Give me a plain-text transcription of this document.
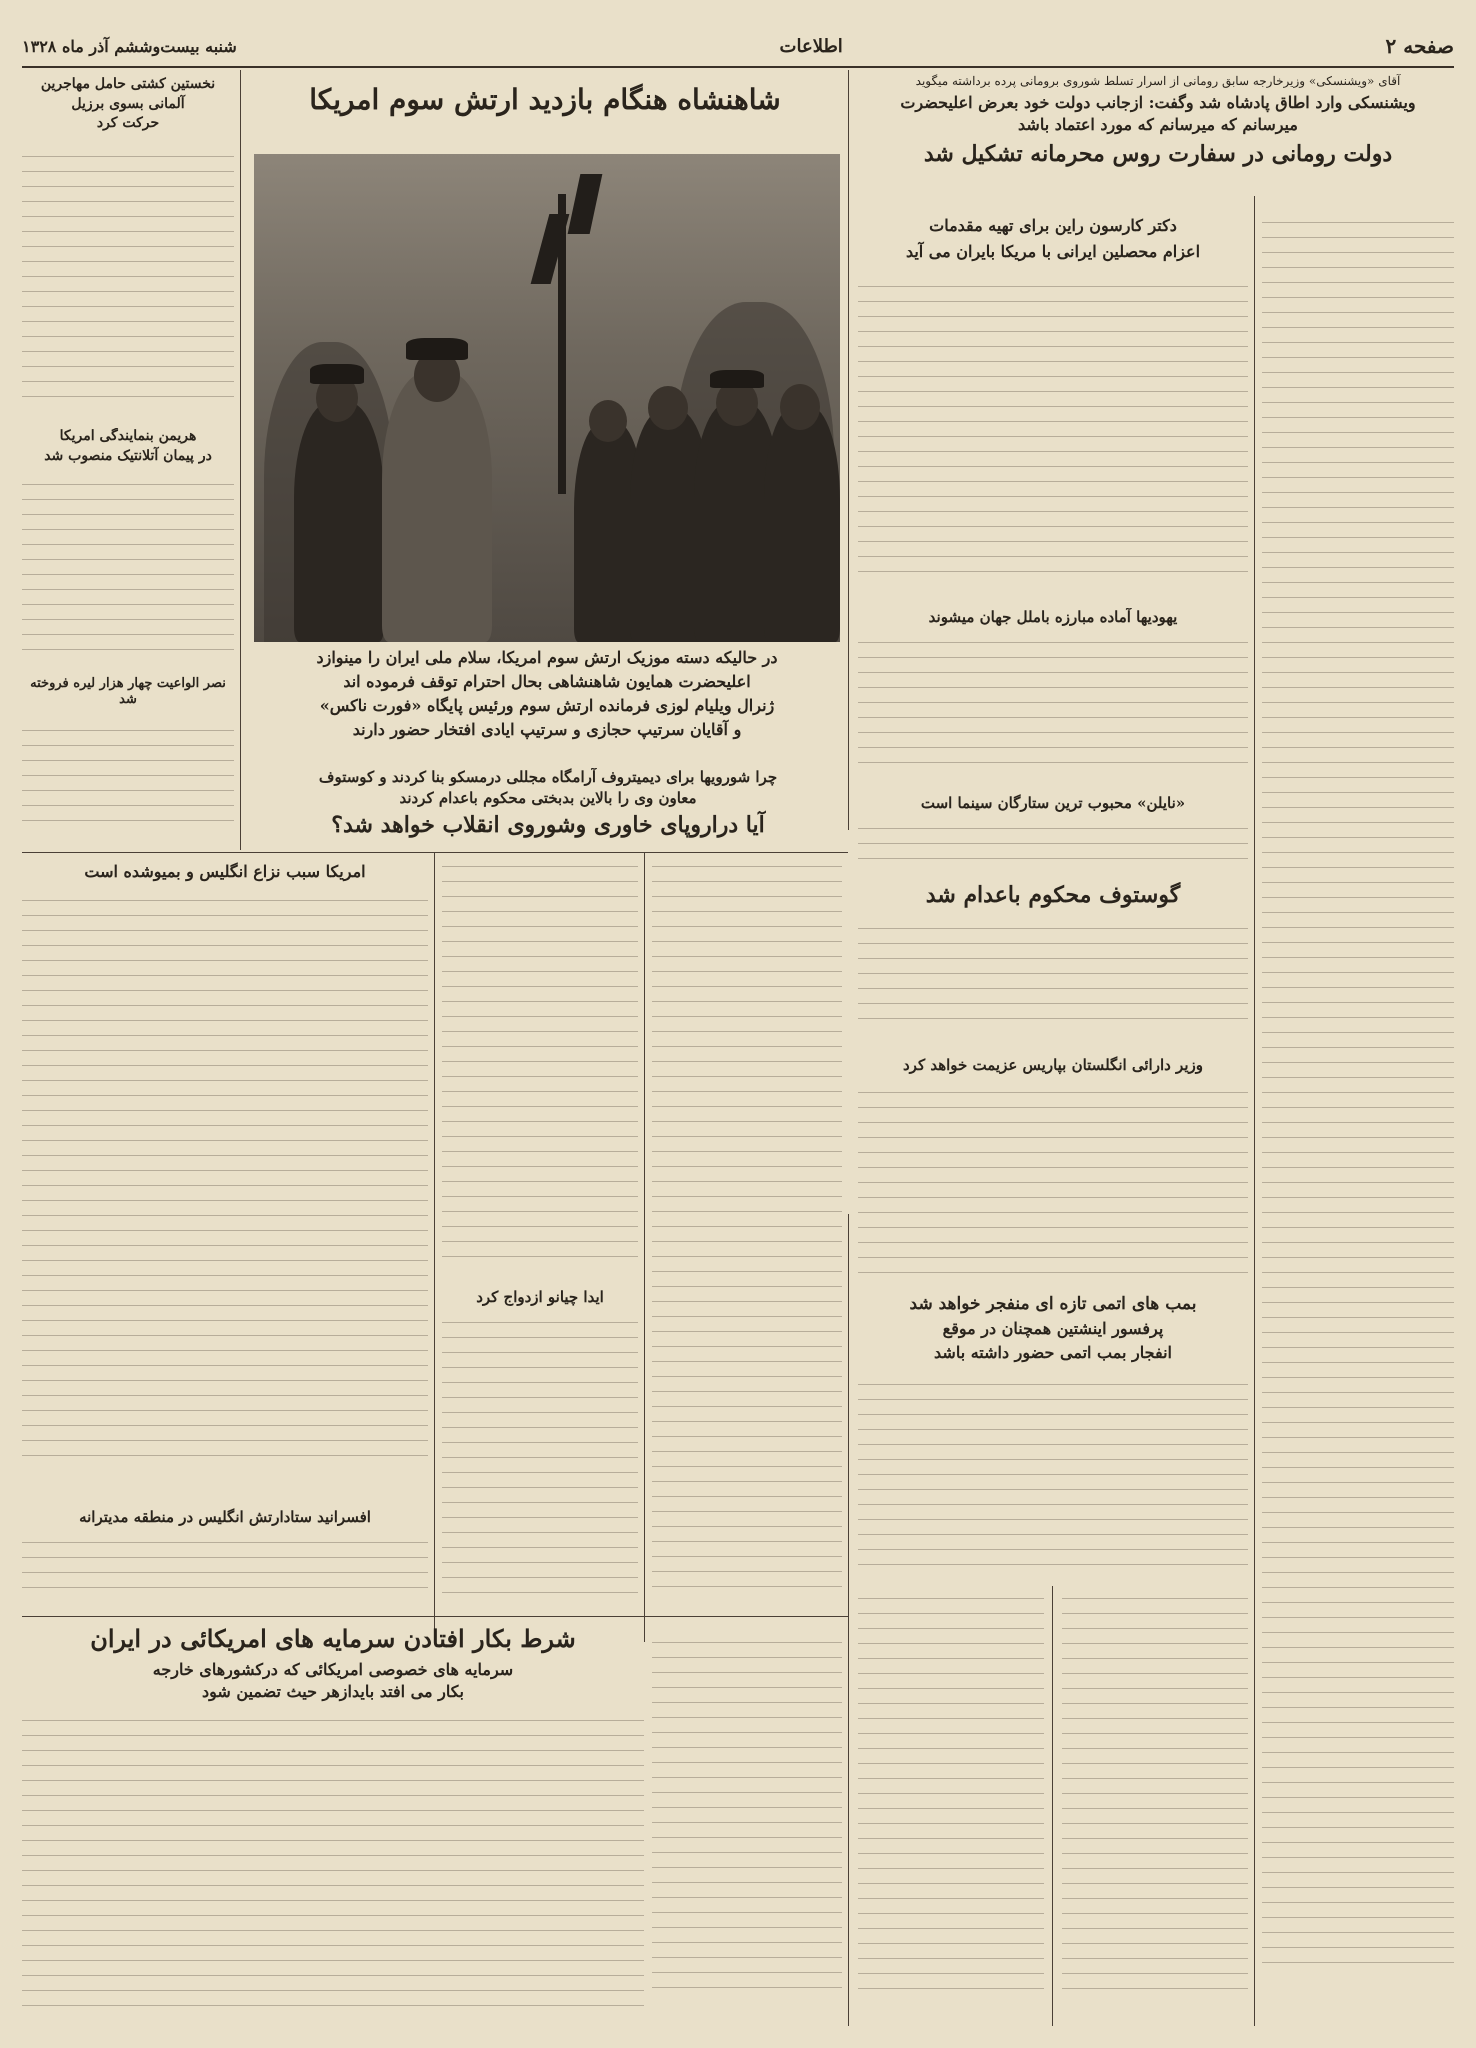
صفحه ۲
اطلاعات
شنبه بیست‌وششم آذر ماه ۱۳۲۸
آقای «ویشنسکی» وزیرخارجه سابق رومانی از اسرار تسلط شوروی برومانی پرده برداشته میگوید
ویشنسکی وارد اطاق پادشاه شد وگفت: ازجانب دولت خود بعرض اعلیحضرت
میرسانم که میرسانم که مورد اعتماد باشد
دولت رومانی در سفارت روس محرمانه تشکیل شد
دکتر کارسون راین برای تهیه مقدمات
اعزام محصلین ایرانی با مریکا بایران می آید
یهودیها آماده مبارزه باملل جهان میشوند
«نایلن» محبوب ترین ستارگان سینما است
گوستوف محکوم باعدام شد
وزیر دارائی انگلستان بپاریس عزیمت خواهد کرد
بمب های اتمی تازه ای منفجر خواهد شد
پرفسور اینشتین همچنان در موقع
انفجار بمب اتمی حضور داشته باشد
شاهنشاه هنگام بازدید ارتش سوم امریکا
در حالیکه دسته موزیک ارتش سوم امریکا، سلام ملی ایران را مینوازد
اعلیحضرت همایون شاهنشاهی بحال احترام توقف فرموده اند
ژنرال ویلیام لوزی فرمانده ارتش سوم ورئیس پایگاه «فورت ناکس»
و آقایان سرتیپ حجازی و سرتیپ ایادی افتخار حضور دارند
چرا شورویها برای دیمیتروف آرامگاه مجللی درمسکو بنا کردند و کوستوف
معاون وی را بالاین بدبختی محکوم باعدام کردند
آیا دراروپای خاوری وشوروی انقلاب خواهد شد؟
نخستین کشتی حامل مهاجرین
آلمانی بسوی برزیل
حرکت کرد
هریمن بنمایندگی امریکا
در پیمان آتلانتیک منصوب شد
نصر الواعیت چهار هزار لیره فروخته شد
امریکا سبب نزاع انگلیس و بمیوشده است
افسرانید ستادارتش انگلیس در منطقه مدیترانه
ایدا چیانو ازدواج کرد
شرط بکار افتادن سرمایه های امریکائی در ایران
سرمایه های خصوصی امریکائی که درکشورهای خارجه
بکار می افتد بایدازهر حیث تضمین شود
